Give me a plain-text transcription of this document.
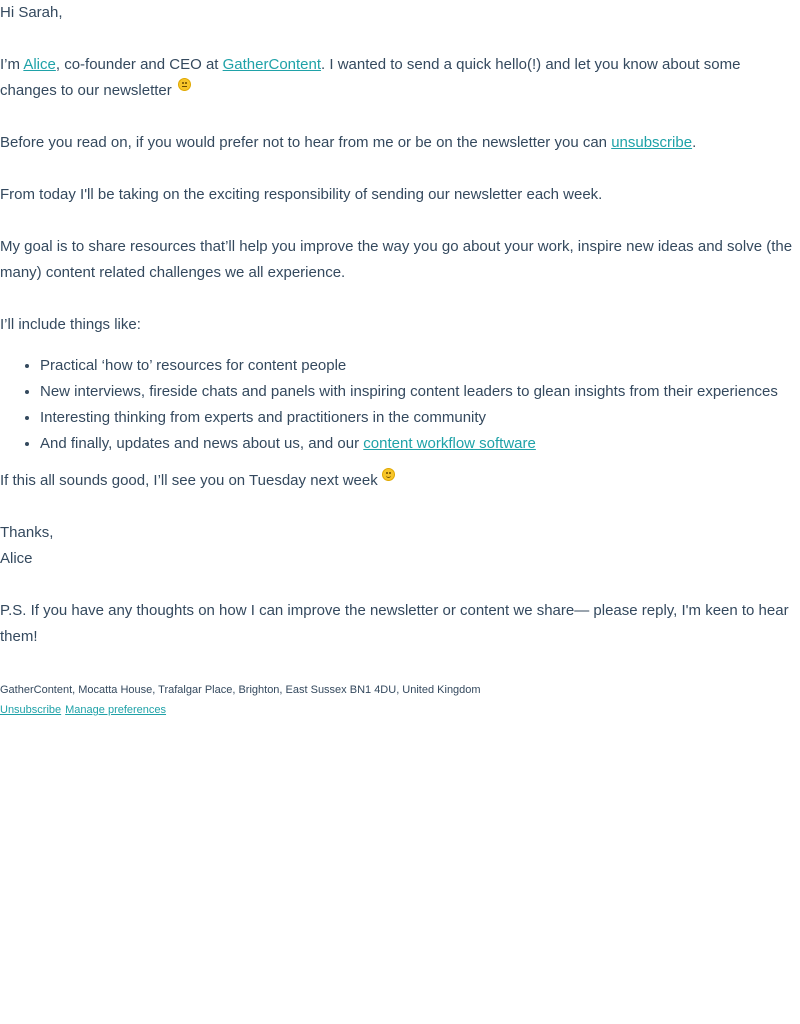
Hi Sarah,

I’m Alice, co-founder and CEO at GatherContent. I wanted to send a quick hello(!) and let you know about some changes to our newsletter

Before you read on, if you would prefer not to hear from me or be on the newsletter you can unsubscribe.

From today I'll be taking on the exciting responsibility of sending our newsletter each week.

My goal is to share resources that’ll help you improve the way you go about your work, inspire new ideas and solve (the many) content related challenges we all experience.

I’ll include things like:

• Practical ‘how to’ resources for content people
• New interviews, fireside chats and panels with inspiring content leaders to glean insights from their experiences
• Interesting thinking from experts and practitioners in the community
• And finally, updates and news about us, and our content workflow software

If this all sounds good, I’ll see you on Tuesday next week

Thanks,
Alice

P.S. If you have any thoughts on how I can improve the newsletter or content we share— please reply, I'm keen to hear them!

GatherContent, Mocatta House, Trafalgar Place, Brighton, East Sussex BN1 4DU, United Kingdom
Unsubscribe Manage preferences
